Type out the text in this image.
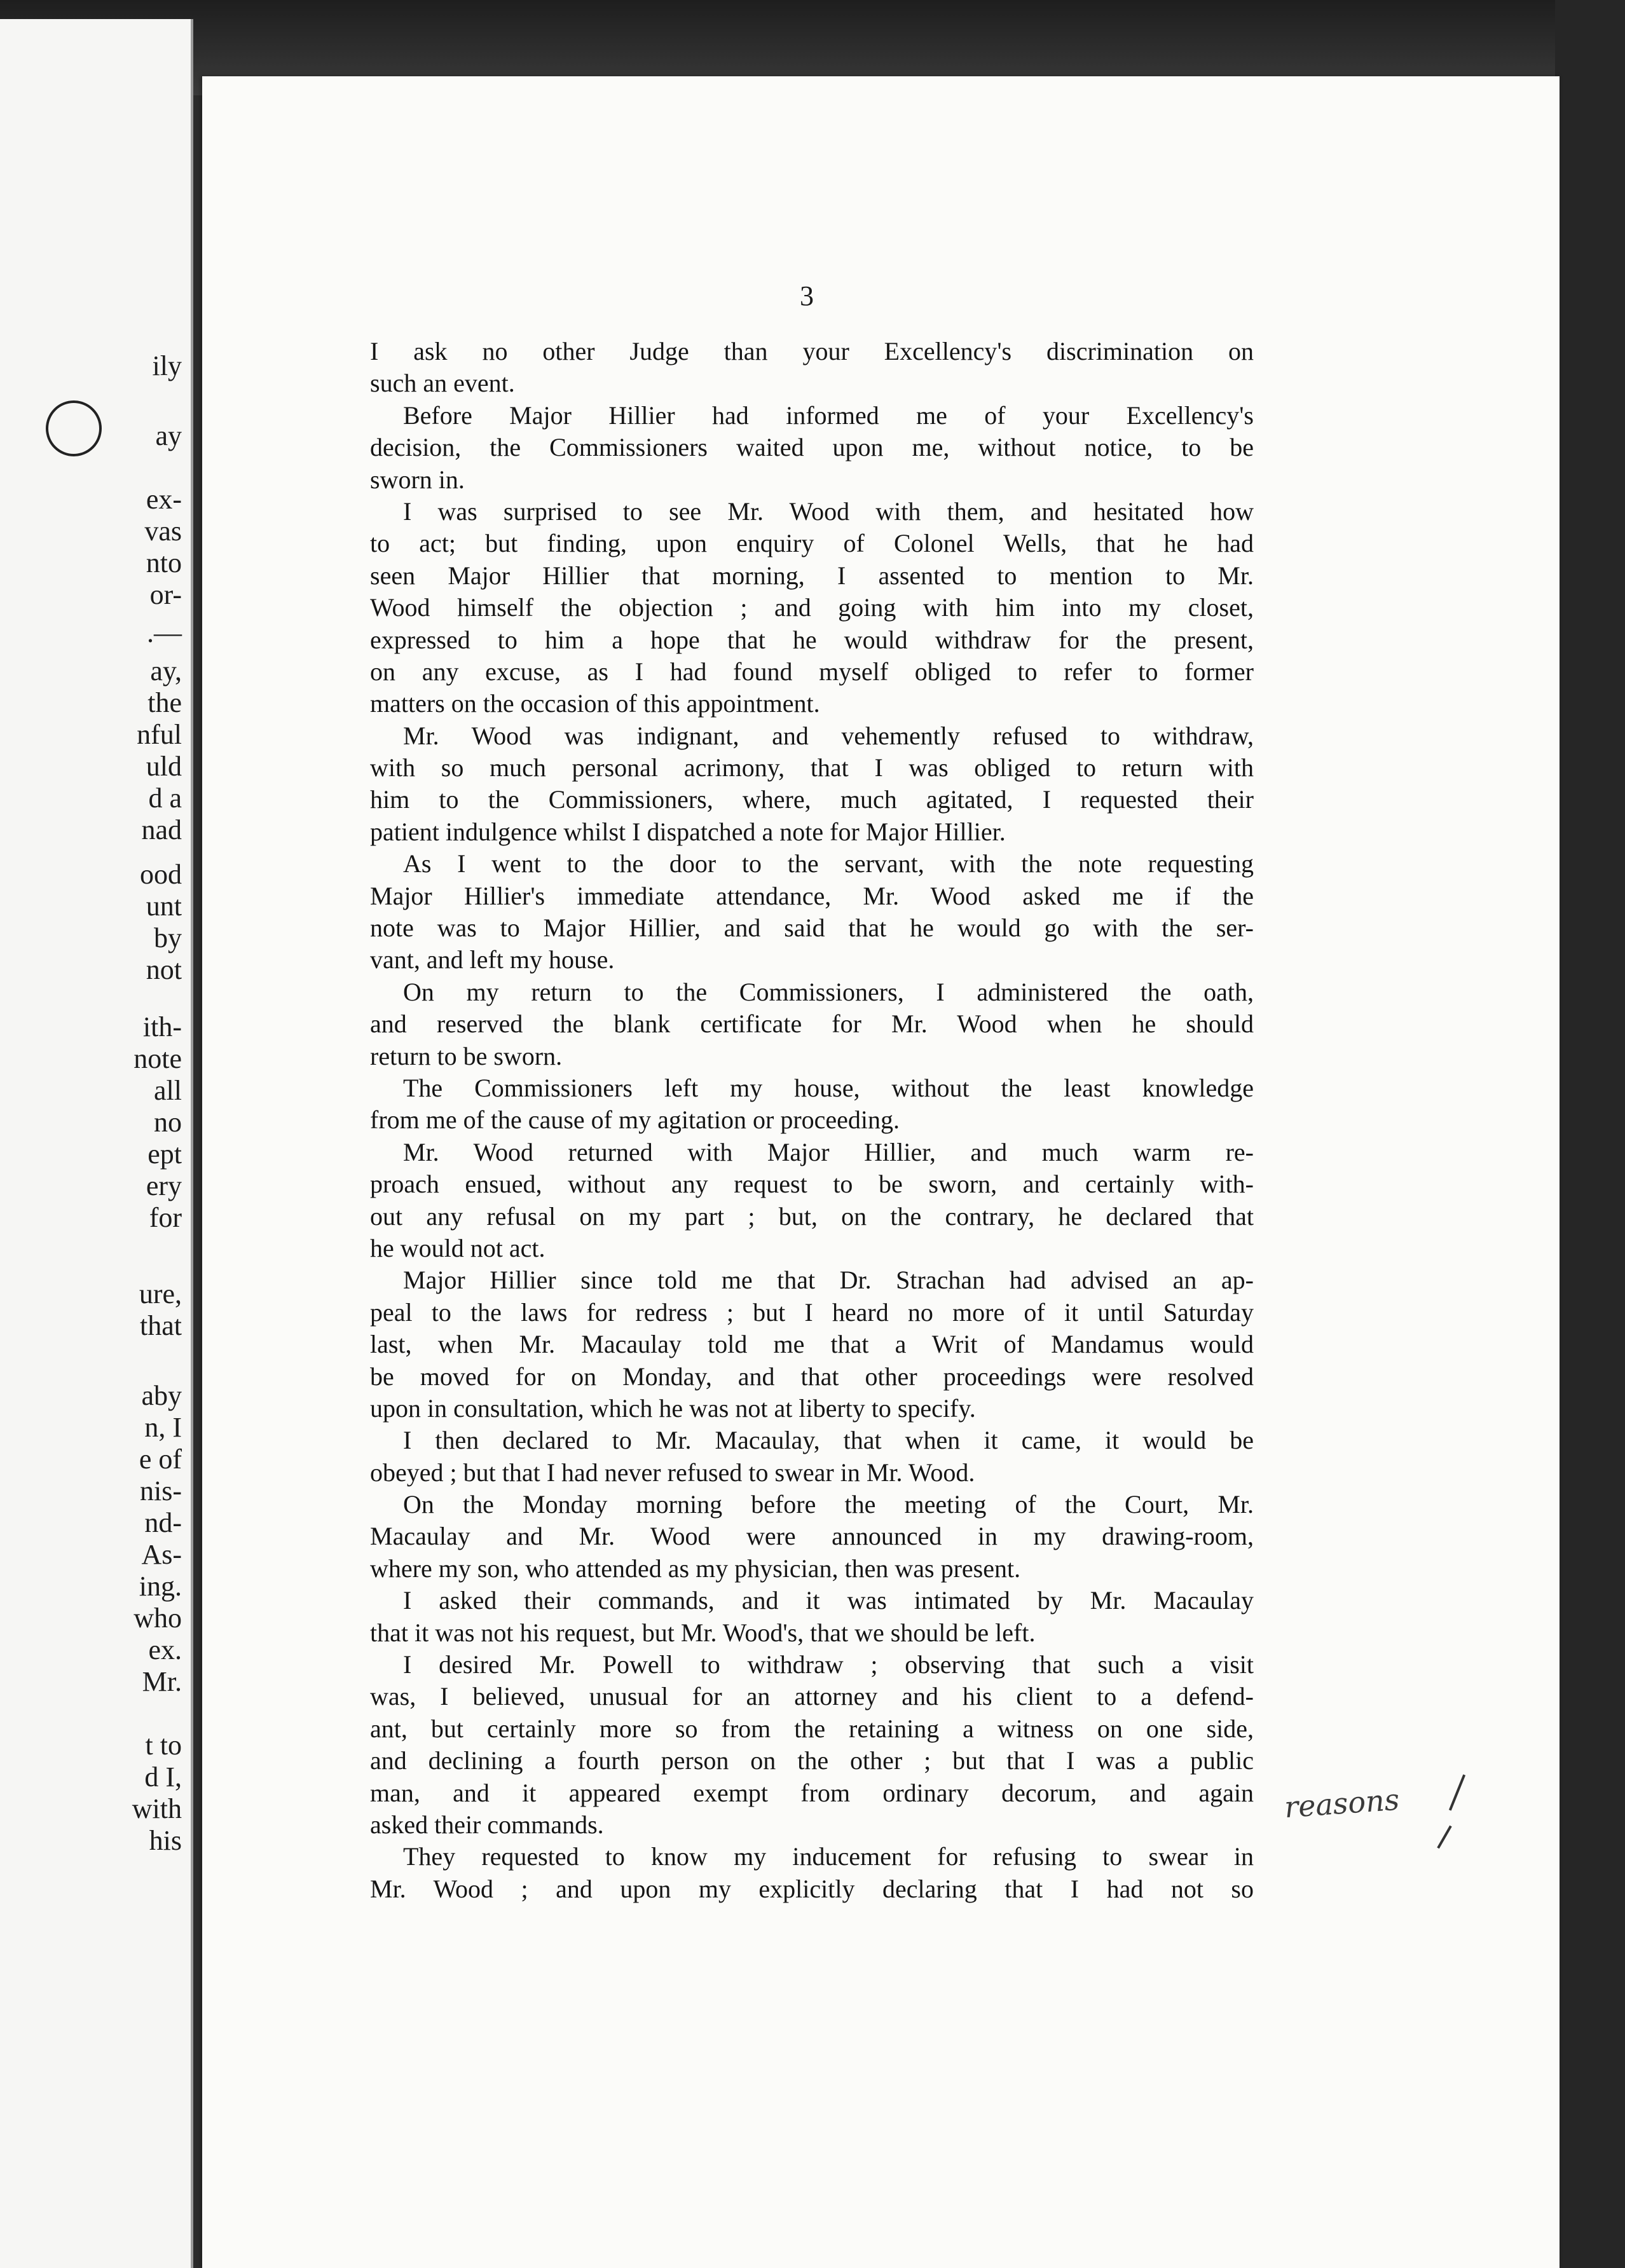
ily
ay
ex-
vas
nto
or-
.—
ay,
the
nful
uld
d a
nad
ood
unt
by
not
ith-
note
all
no
ept
ery
for
ure,
that
aby
n, I
e of
nis-
nd-
As-
ing.
who
ex.
Mr.
t to
d I,
with
his
3
I ask no other Judge than your Excellency's discrimination on
such an event.
Before Major Hillier had informed me of your Excellency's
decision, the Commissioners waited upon me, without notice, to be
sworn in.
I was surprised to see Mr. Wood with them, and hesitated how
to act; but finding, upon enquiry of Colonel Wells, that he had
seen Major Hillier that morning, I assented to mention to Mr.
Wood himself the objection ; and going with him into my closet,
expressed to him a hope that he would withdraw for the present,
on any excuse, as I had found myself obliged to refer to former
matters on the occasion of this appointment.
Mr. Wood was indignant, and vehemently refused to withdraw,
with so much personal acrimony, that I was obliged to return with
him to the Commissioners, where, much agitated, I requested their
patient indulgence whilst I dispatched a note for Major Hillier.
As I went to the door to the servant, with the note requesting
Major Hillier's immediate attendance, Mr. Wood asked me if the
note was to Major Hillier, and said that he would go with the ser-
vant, and left my house.
On my return to the Commissioners, I administered the oath,
and reserved the blank certificate for Mr. Wood when he should
return to be sworn.
The Commissioners left my house, without the least knowledge
from me of the cause of my agitation or proceeding.
Mr. Wood returned with Major Hillier, and much warm re-
proach ensued, without any request to be sworn, and certainly with-
out any refusal on my part ; but, on the contrary, he declared that
he would not act.
Major Hillier since told me that Dr. Strachan had advised an ap-
peal to the laws for redress ; but I heard no more of it until Saturday
last, when Mr. Macaulay told me that a Writ of Mandamus would
be moved for on Monday, and that other proceedings were resolved
upon in consultation, which he was not at liberty to specify.
I then declared to Mr. Macaulay, that when it came, it would be
obeyed ; but that I had never refused to swear in Mr. Wood.
On the Monday morning before the meeting of the Court, Mr.
Macaulay and Mr. Wood were announced in my drawing-room,
where my son, who attended as my physician, then was present.
I asked their commands, and it was intimated by Mr. Macaulay
that it was not his request, but Mr. Wood's, that we should be left.
I desired Mr. Powell to withdraw ; observing that such a visit
was, I believed, unusual for an attorney and his client to a defend-
ant, but certainly more so from the retaining a witness on one side,
and declining a fourth person on the other ; but that I was a public
man, and it appeared exempt from ordinary decorum, and again
asked their commands.
They requested to know my inducement for refusing to swear in
Mr. Wood ; and upon my explicitly declaring that I had not so
reasons
